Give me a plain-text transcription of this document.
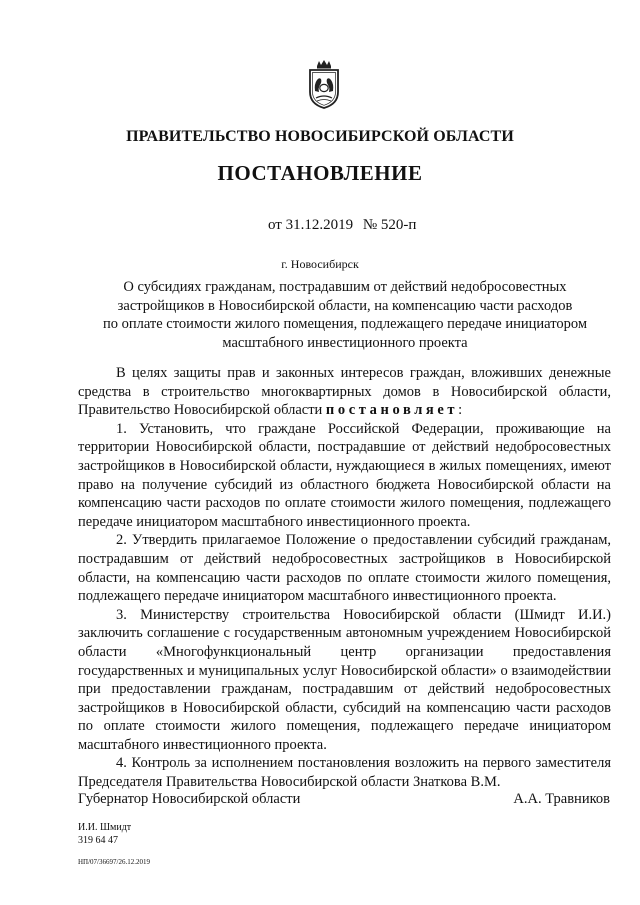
ПРАВИТЕЛЬСТВО НОВОСИБИРСКОЙ ОБЛАСТИ
ПОСТАНОВЛЕНИЕ
от 31.12.2019 № 520-п
г. Новосибирск
О субсидиях гражданам, пострадавшим от действий недобросовестных
застройщиков в Новосибирской области, на компенсацию части расходов
по оплате стоимости жилого помещения, подлежащего передаче инициатором
масштабного инвестиционного проекта

В целях защиты прав и законных интересов граждан, вложивших денежные средства в строительство многоквартирных домов в Новосибирской области, Правительство Новосибирской области постановляет:

1. Установить, что граждане Российской Федерации, проживающие на территории Новосибирской области, пострадавшие от действий недобросовестных застройщиков в Новосибирской области, нуждающиеся в жилых помещениях, имеют право на получение субсидий из областного бюджета Новосибирской области на компенсацию части расходов по оплате стоимости жилого помещения, подлежащего передаче инициатором масштабного инвестиционного проекта.

2. Утвердить прилагаемое Положение о предоставлении субсидий гражданам, пострадавшим от действий недобросовестных застройщиков в Новосибирской области, на компенсацию части расходов по оплате стоимости жилого помещения, подлежащего передаче инициатором масштабного инвестиционного проекта.

3. Министерству строительства Новосибирской области (Шмидт И.И.) заключить соглашение с государственным автономным учреждением Новосибирской области «Многофункциональный центр организации предоставления государственных и муниципальных услуг Новосибирской области» о взаимодействии при предоставлении гражданам, пострадавшим от действий недобросовестных застройщиков в Новосибирской области, субсидий на компенсацию части расходов по оплате стоимости жилого помещения, подлежащего передаче инициатором масштабного инвестиционного проекта.

4. Контроль за исполнением постановления возложить на первого заместителя Председателя Правительства Новосибирской области Знаткова В.М.

Губернатор Новосибирской области	А.А. Травников
И.И. Шмидт
319 64 47
НП/07/36697/26.12.2019
